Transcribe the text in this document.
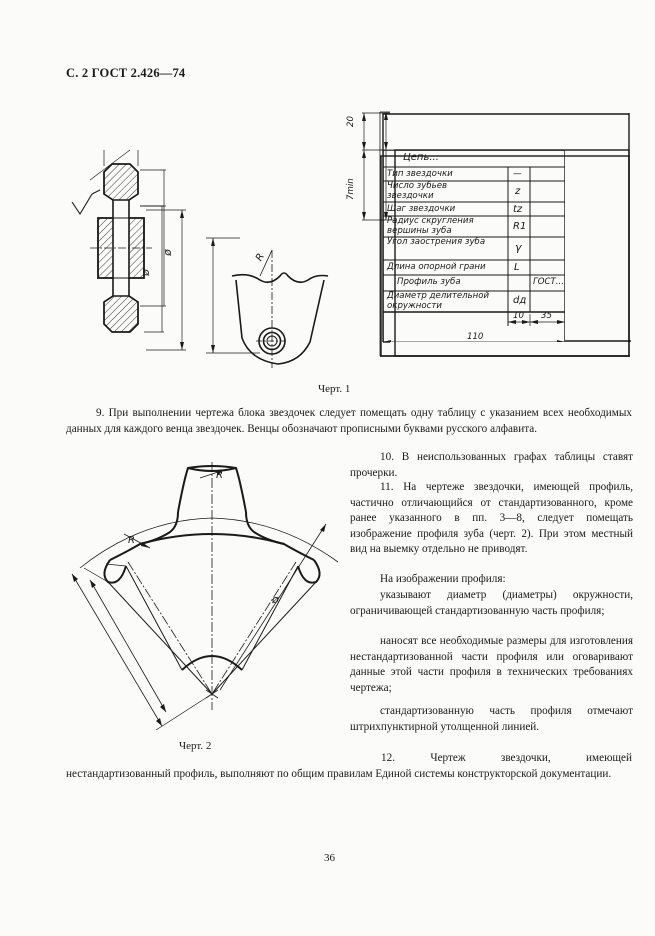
С. 2 ГОСТ 2.426—74
Цепь...
Тип звездочки	—
Число зубьев звездочки	z
Шаг звездочки	tz
Радиус скругления вершины зуба	R1
Угол заострения зуба	γ
Длина опорной грани	L
Профиль зуба	ГОСТ...
Диаметр делительной окружности	dд
10 35
110
20
7min
ø
ø	R
Черт. 1
9. При выполнении чертежа блока звездочек следует помещать одну таблицу с указанием всех необходимых данных для каждого венца звездочек. Венцы обозначают прописными буквами русского алфавита.
R
R
ø
Черт. 2
10. В неиспользованных графах таблицы ставят прочерки.
11. На чертеже звездочки, имеющей профиль, частично отличающийся от стандартизованного, кроме ранее указанного в пп. 3—8, следует помещать изображение профиля зуба (черт. 2). При этом местный вид на выемку отдельно не приводят.
На изображении профиля:
указывают диаметр (диаметры) окружности, ограничивающей стандартизованную часть профиля;
наносят все необходимые размеры для изготовления нестандартизованной части профиля или оговаривают данные этой части профиля в технических требованиях чертежа;
стандартизованную часть профиля отмечают штрихпунктирной утолщенной линией.
12. Чертеж звездочки, имеющей нестандартизованный профиль, выполняют по общим правилам Единой системы конструкторской документации.
36
